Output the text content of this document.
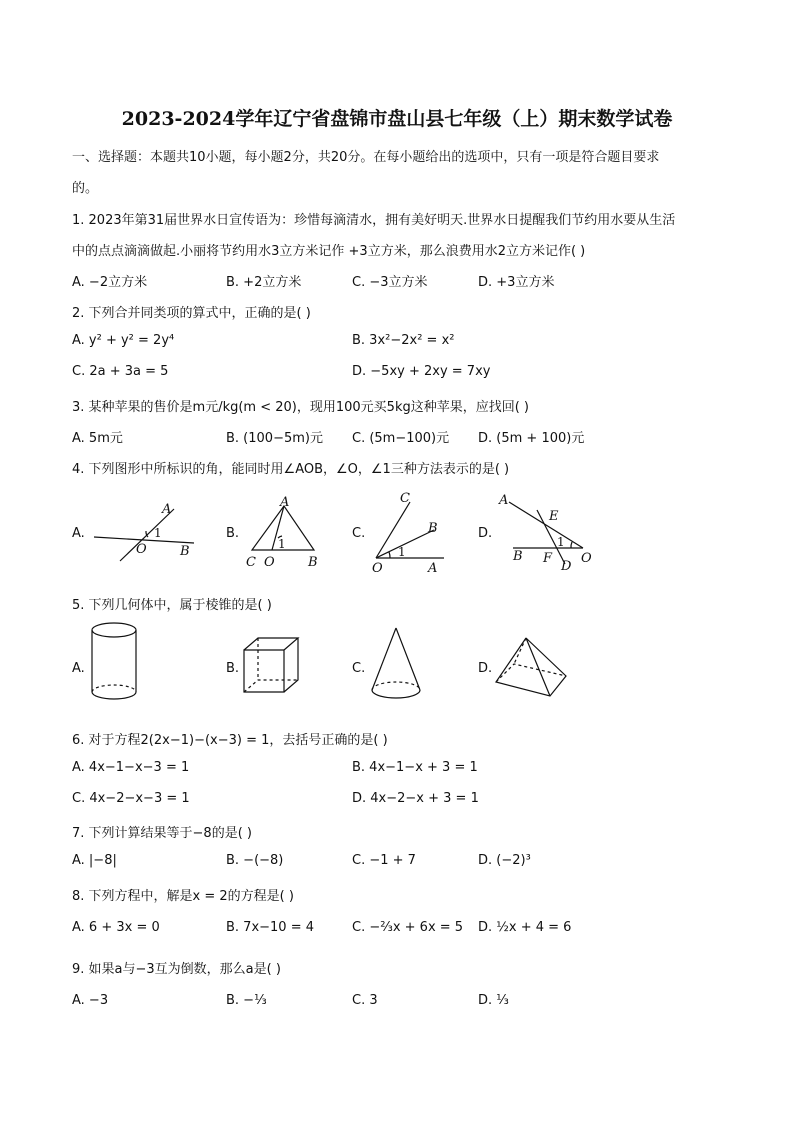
2023-2024学年辽宁省盘锦市盘山县七年级（上）期末数学试卷
一、选择题：本题共10小题，每小题2分，共20分。在每小题给出的选项中，只有一项是符合题目要求
的。
1. 2023年第31届世界水日宣传语为：珍惜每滴清水，拥有美好明天.世界水日提醒我们节约用水要从生活
中的点点滴滴做起.小丽将节约用水3立方米记作 +3立方米，那么浪费用水2立方米记作( )
A. −2立方米	B. +2立方米	C. −3立方米	D. +3立方米
2. 下列合并同类项的算式中，正确的是( )
A. y² + y² = 2y⁴	B. 3x²−2x² = x²
C. 2a + 3a = 5	D. −5xy + 2xy = 7xy
3. 某种苹果的售价是m元/kg(m < 20)，现用100元买5kg这种苹果，应找回( )
A. 5m元	B. (100−5m)元 C. (5m−100)元 D. (5m + 100)元
4. 下列图形中所标识的角，能同时用∠AOB，∠O，∠1三种方法表示的是( )
A.	B.	C.	D.
A
O	B
1
A
C O	B
1
C
B
O	A
1
A
E
B F
D
O
1
5. 下列几何体中，属于棱锥的是( )
A.	B.	C.	D.
6. 对于方程2(2x−1)−(x−3) = 1，去括号正确的是( )
A. 4x−1−x−3 = 1	B. 4x−1−x + 3 = 1
C. 4x−2−x−3 = 1	D. 4x−2−x + 3 = 1
7. 下列计算结果等于−8的是( )
A. |−8|	B. −(−8)	C. −1 + 7	D. (−2)³
8. 下列方程中，解是x = 2的方程是( )
A. 6 + 3x = 0	B. 7x−10 = 4	C. −⅔x + 6x = 5 D. ½x + 4 = 6
9. 如果a与−3互为倒数，那么a是( )
A. −3	B. −⅓	C. 3	D. ⅓
